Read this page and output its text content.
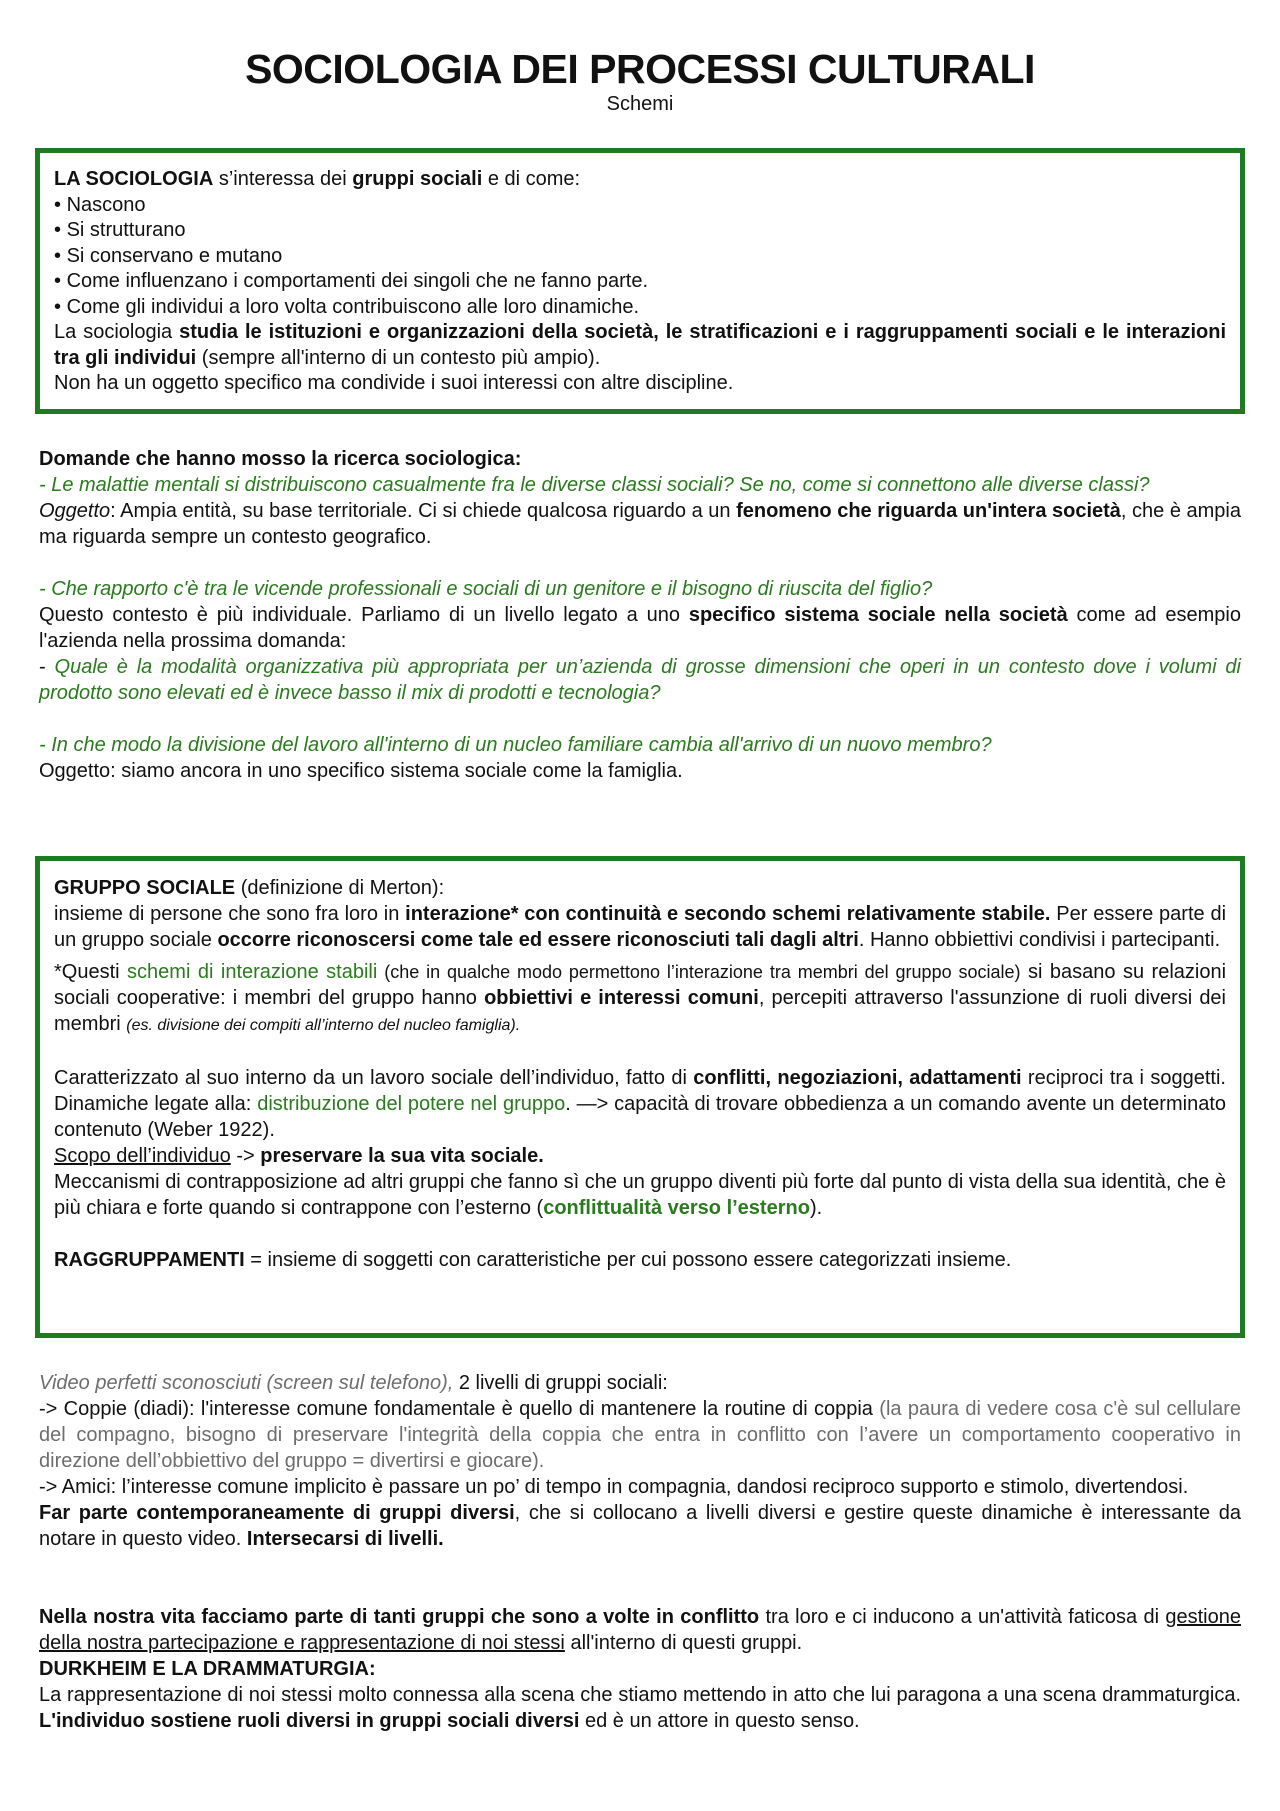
SOCIOLOGIA DEI PROCESSI CULTURALI
Schemi

LA SOCIOLOGIA s’interessa dei gruppi sociali e di come:

• Nascono

• Si strutturano

• Si conservano e mutano

• Come influenzano i comportamenti dei singoli che ne fanno parte.

• Come gli individui a loro volta contribuiscono alle loro dinamiche.

La sociologia studia le istituzioni e organizzazioni della società, le stratificazioni e i raggruppamenti sociali e le interazioni tra gli individui (sempre all'interno di un contesto più ampio).

Non ha un oggetto specifico ma condivide i suoi interessi con altre discipline.

Domande che hanno mosso la ricerca sociologica:

- Le malattie mentali si distribuiscono casualmente fra le diverse classi sociali? Se no, come si connettono alle diverse classi?

Oggetto: Ampia entità, su base territoriale. Ci si chiede qualcosa riguardo a un fenomeno che riguarda un'intera società, che è ampia ma riguarda sempre un contesto geografico.

- Che rapporto c'è tra le vicende professionali e sociali di un genitore e il bisogno di riuscita del figlio?

Questo contesto è più individuale. Parliamo di un livello legato a uno specifico sistema sociale nella società come ad esempio l'azienda nella prossima domanda:

- Quale è la modalità organizzativa più appropriata per un’azienda di grosse dimensioni che operi in un contesto dove i volumi di prodotto sono elevati ed è invece basso il mix di prodotti e tecnologia?

- In che modo la divisione del lavoro all'interno di un nucleo familiare cambia all'arrivo di un nuovo membro?

Oggetto: siamo ancora in uno specifico sistema sociale come la famiglia.

GRUPPO SOCIALE (definizione di Merton):

insieme di persone che sono fra loro in interazione* con continuità e secondo schemi relativamente stabile. Per essere parte di un gruppo sociale occorre riconoscersi come tale ed essere riconosciuti tali dagli altri. Hanno obbiettivi condivisi i partecipanti.

*Questi schemi di interazione stabili (che in qualche modo permettono l’interazione tra membri del gruppo sociale) si basano su relazioni sociali cooperative: i membri del gruppo hanno obbiettivi e interessi comuni, percepiti attraverso l'assunzione di ruoli diversi dei membri (es. divisione dei compiti all’interno del nucleo famiglia).

Caratterizzato al suo interno da un lavoro sociale dell’individuo, fatto di conflitti, negoziazioni, adattamenti reciproci tra i soggetti. Dinamiche legate alla: distribuzione del potere nel gruppo. —> capacità di trovare obbedienza a un comando avente un determinato contenuto (Weber 1922).

Scopo dell’individuo -> preservare la sua vita sociale.

Meccanismi di contrapposizione ad altri gruppi che fanno sì che un gruppo diventi più forte dal punto di vista della sua identità, che è più chiara e forte quando si contrappone con l’esterno (conflittualità verso l’esterno).

RAGGRUPPAMENTI = insieme di soggetti con caratteristiche per cui possono essere categorizzati insieme.

Video perfetti sconosciuti (screen sul telefono), 2 livelli di gruppi sociali:

-> Coppie (diadi): l'interesse comune fondamentale è quello di mantenere la routine di coppia (la paura di vedere cosa c'è sul cellulare del compagno, bisogno di preservare l'integrità della coppia che entra in conflitto con l’avere un comportamento cooperativo in direzione dell’obbiettivo del gruppo = divertirsi e giocare).

-> Amici: l’interesse comune implicito è passare un po’ di tempo in compagnia, dandosi reciproco supporto e stimolo, divertendosi.

Far parte contemporaneamente di gruppi diversi, che si collocano a livelli diversi e gestire queste dinamiche è interessante da notare in questo video. Intersecarsi di livelli.

Nella nostra vita facciamo parte di tanti gruppi che sono a volte in conflitto tra loro e ci inducono a un'attività faticosa di gestione della nostra partecipazione e rappresentazione di noi stessi all'interno di questi gruppi.

DURKHEIM E LA DRAMMATURGIA:

La rappresentazione di noi stessi molto connessa alla scena che stiamo mettendo in atto che lui paragona a una scena drammaturgica. L'individuo sostiene ruoli diversi in gruppi sociali diversi ed è un attore in questo senso.
